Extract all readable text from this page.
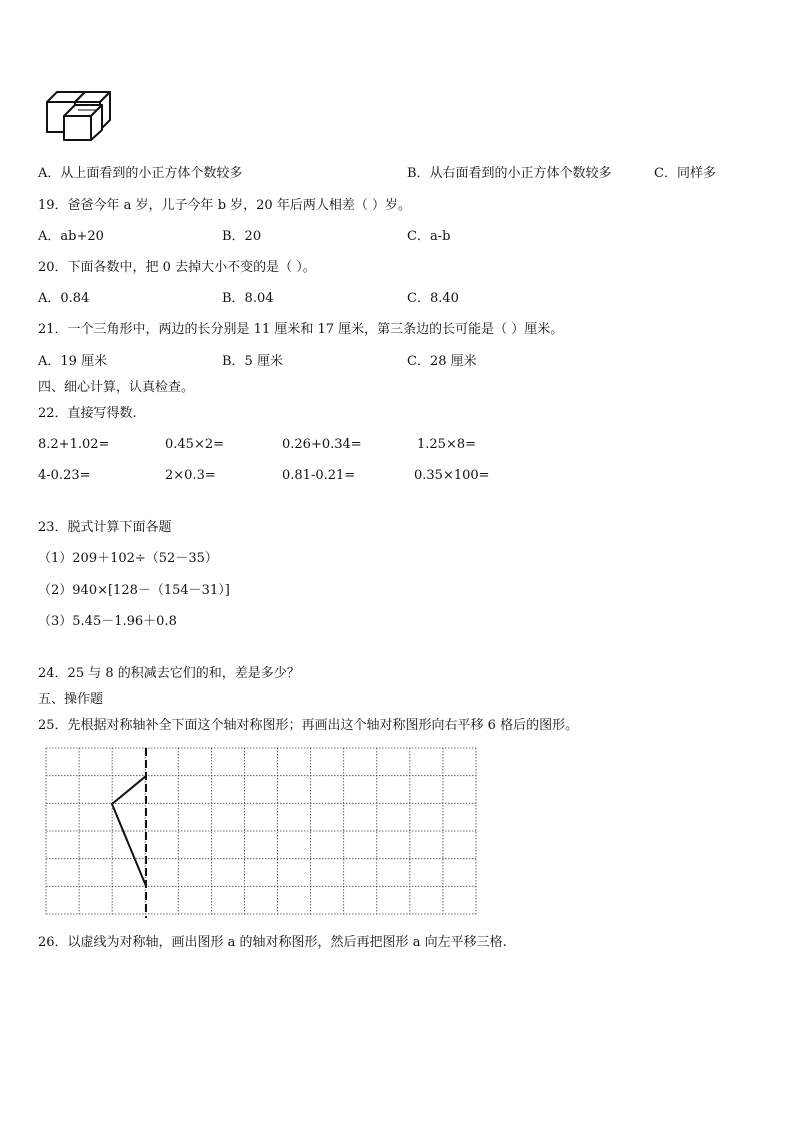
A．从上面看到的小正方体个数较多	B．从右面看到的小正方体个数较多	C．同样多
19．爸爸今年 a 岁，儿子今年 b 岁，20 年后两人相差（ ）岁。
A．ab+20	B．20	C．a-b
20．下面各数中，把 0 去掉大小不变的是（ ）。
A．0.84	B．8.04	C．8.40
21．一个三角形中，两边的长分别是 11 厘米和 17 厘米，第三条边的长可能是（ ）厘米。
A．19 厘米	B．5 厘米	C．28 厘米
四、细心计算，认真检查。
22．直接写得数.
8.2+1.02=	0.45×2=	0.26+0.34=	1.25×8=
4-0.23=	2×0.3=	0.81-0.21=	0.35×100=
23．脱式计算下面各题
（1）209＋102÷（52－35）
（2）940×[128－（154－31）]
（3）5.45－1.96＋0.8
24．25 与 8 的积减去它们的和，差是多少？
五、操作题
25．先根据对称轴补全下面这个轴对称图形；再画出这个轴对称图形向右平移 6 格后的图形。
26．以虚线为对称轴，画出图形 a 的轴对称图形，然后再把图形 a 向左平移三格.
